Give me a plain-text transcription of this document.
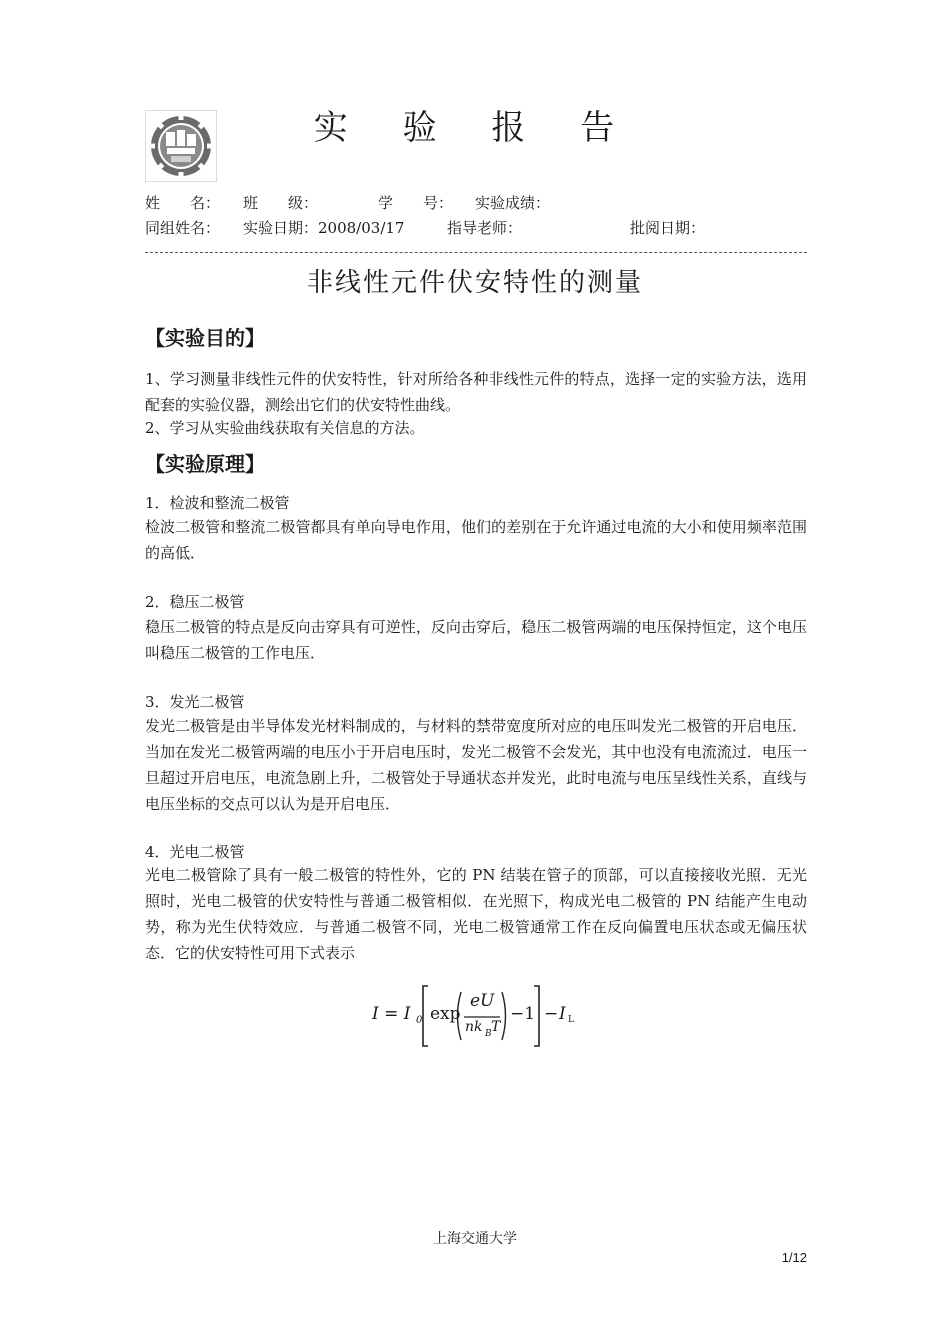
实 验 报 告
姓　　名： 班　　级：	学　　号： 实验成绩：
同组姓名： 实验日期：2008/03/17	指导老师：	批阅日期：
非线性元件伏安特性的测量
【实验目的】
1、学习测量非线性元件的伏安特性，针对所给各种非线性元件的特点，选择一定的实验方法，选用配套的实验仪器，测绘出它们的伏安特性曲线。
2、学习从实验曲线获取有关信息的方法。
【实验原理】
1．检波和整流二极管
检波二极管和整流二极管都具有单向导电作用，他们的差别在于允许通过电流的大小和使用频率范围的高低．
2．稳压二极管
稳压二极管的特点是反向击穿具有可逆性，反向击穿后，稳压二极管两端的电压保持恒定，这个电压叫稳压二极管的工作电压．
3．发光二极管
发光二极管是由半导体发光材料制成的，与材料的禁带宽度所对应的电压叫发光二极管的开启电压．当加在发光二极管两端的电压小于开启电压时，发光二极管不会发光，其中也没有电流流过．电压一旦超过开启电压，电流急剧上升，二极管处于导通状态并发光，此时电流与电压呈线性关系，直线与电压坐标的交点可以认为是开启电压．
4．光电二极管
光电二极管除了具有一般二极管的特性外，它的 PN 结装在管子的顶部，可以直接接收光照．无光照时，光电二极管的伏安特性与普通二极管相似．在光照下，构成光电二极管的 PN 结能产生电动势，称为光生伏特效应．与普通二极管不同，光电二极管通常工作在反向偏置电压状态或无偏压状态．它的伏安特性可用下式表示
I = I 0 exp
eU
nk B T
−1 − I L
上海交通大学
1/12
